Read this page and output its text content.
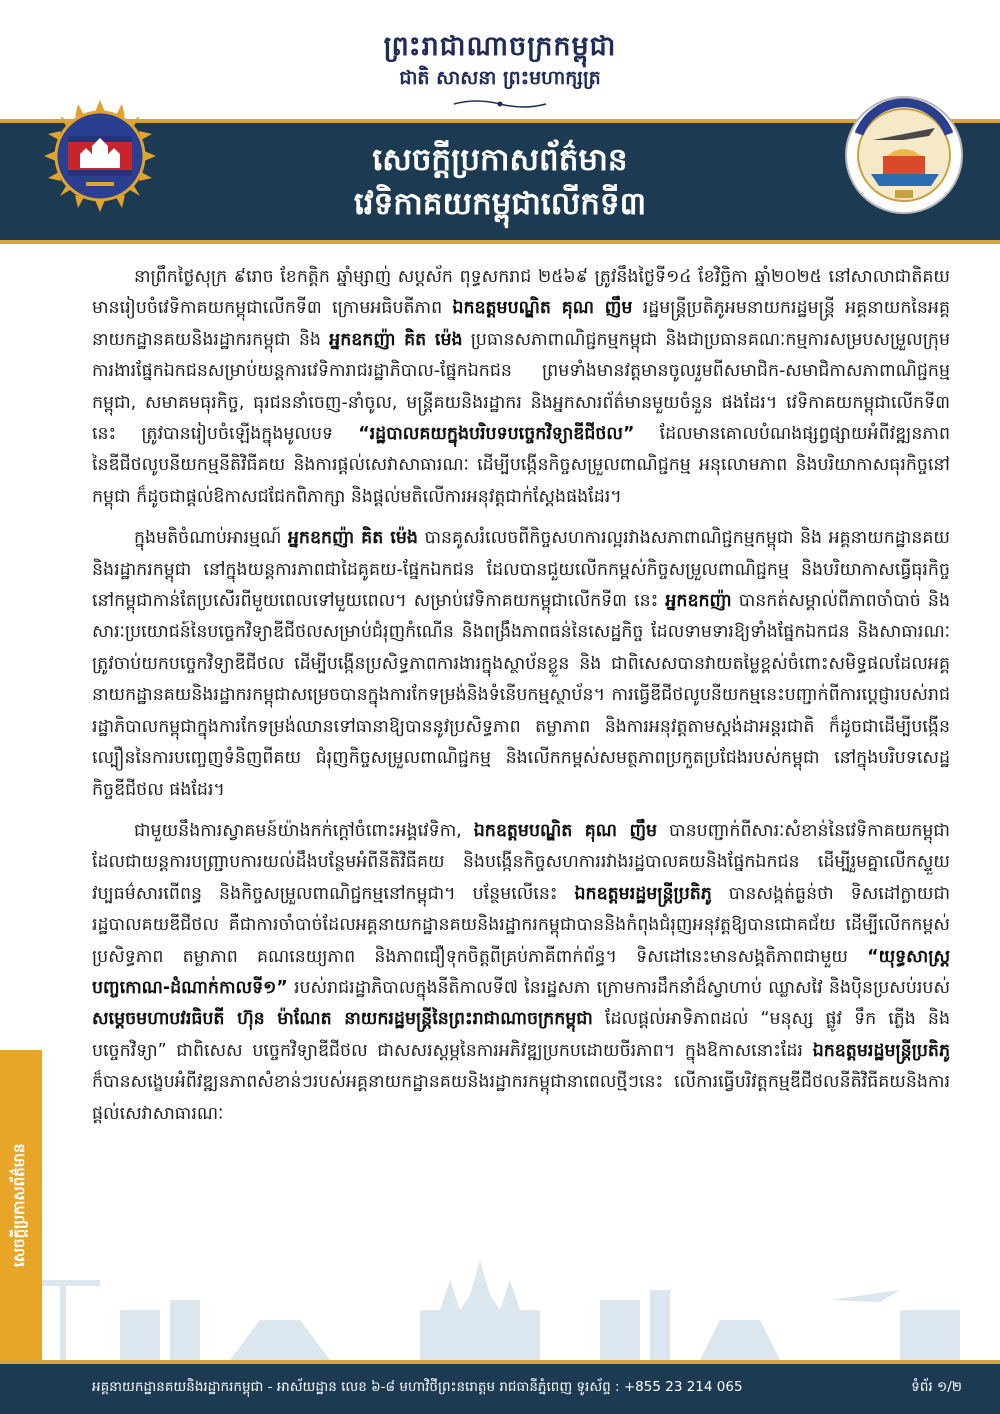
ព្រះរាជាណាចក្រកម្ពុជា
ជាតិ សាសនា ព្រះមហាក្សត្រ
សេចក្តីប្រកាសព័ត៌មាន
វេទិកាគយកម្ពុជាលើកទី៣

នាព្រឹកថ្ងៃសុក្រ ៩រោច ខែកត្តិក ឆ្នាំម្សាញ់ សប្តស័ក ពុទ្ធសករាជ ២៥៦៩ ត្រូវនឹងថ្ងៃទី១៤ ខែវិច្ឆិកា ឆ្នាំ២០២៥ នៅសាលាជាតិគយ មានរៀបចំវេទិកាគយកម្ពុជាលើកទី៣ ក្រោមអធិបតីភាព ឯកឧត្តមបណ្ឌិត គុណ ញឹម រដ្ឋមន្ត្រីប្រតិភូអមនាយករដ្ឋមន្ត្រី អគ្គនាយកនៃអគ្គនាយកដ្ឋានគយនិងរដ្ឋាករកម្ពុជា និង អ្នកឧកញ៉ា គិត ម៉េង ប្រធានសភាពាណិជ្ជកម្មកម្ពុជា និងជាប្រធានគណៈកម្មការសម្របសម្រួលក្រុមការងារផ្នែកឯកជនសម្រាប់យន្តការវេទិការាជរដ្ឋាភិបាល-ផ្នែកឯកជន ព្រមទាំងមានវត្តមានចូលរួមពីសមាជិក-សមាជិកាសភាពាណិជ្ជកម្មកម្ពុជា, សមាគមធុរកិច្ច, ធុរជននាំចេញ-នាំចូល, មន្ត្រីគយនិងរដ្ឋាករ និងអ្នកសារព័ត៌មានមួយចំនួន ផងដែរ។ វេទិកាគយកម្ពុជាលើកទី៣ នេះ ត្រូវបានរៀបចំឡើងក្នុងមូលបទ “រដ្ឋបាលគយក្នុងបរិបទបច្ចេកវិទ្យាឌីជីថល” ដែលមានគោលបំណងផ្សព្វផ្សាយអំពីវឌ្ឍនភាពនៃឌីជីថលូបនីយកម្មនីតិវិធីគយ និងការផ្តល់សេវាសាធារណៈ ដើម្បីបង្កើនកិច្ចសម្រួលពាណិជ្ជកម្ម អនុលោមភាព និងបរិយាកាសធុរកិច្ចនៅកម្ពុជា ក៏ដូចជាផ្តល់ឱកាសជជែកពិភាក្សា និងផ្តល់មតិលើការអនុវត្តជាក់ស្តែងផងដែរ។

ក្នុងមតិចំណាប់អារម្មណ៍ អ្នកឧកញ៉ា គិត ម៉េង បានគូសរំលេចពីកិច្ចសហការល្អរវាងសភាពាណិជ្ជកម្មកម្ពុជា និង អគ្គនាយកដ្ឋានគយនិងរដ្ឋាករកម្ពុជា នៅក្នុងយន្តការភាពជាដៃគូគយ-ផ្នែកឯកជន ដែលបានជួយលើកកម្ពស់កិច្ចសម្រួលពាណិជ្ជកម្ម និងបរិយាកាសធ្វើធុរកិច្ចនៅកម្ពុជាកាន់តែប្រសើរពីមួយពេលទៅមួយពេល។ សម្រាប់វេទិកាគយកម្ពុជាលើកទី៣ នេះ អ្នកឧកញ៉ា បានកត់សម្គាល់ពីភាពចាំបាច់ និងសារៈប្រយោជន៍នៃបច្ចេកវិទ្យាឌីជីថលសម្រាប់ជំរុញកំណើន និងពង្រឹងភាពធន់នៃសេដ្ឋកិច្ច ដែលទាមទារឱ្យទាំងផ្នែកឯកជន និងសាធារណៈត្រូវចាប់យកបច្ចេកវិទ្យាឌីជីថល ដើម្បីបង្កើនប្រសិទ្ធភាពការងារក្នុងស្ថាប័នខ្លួន និង ជាពិសេសបានវាយតម្លៃខ្ពស់ចំពោះសមិទ្ធផលដែលអគ្គនាយកដ្ឋានគយនិងរដ្ឋាករកម្ពុជាសម្រេចបានក្នុងការកែទម្រង់និងទំនើបកម្មស្ថាប័ន។ ការធ្វើឌីជីថលូបនីយកម្មនេះបញ្ជាក់ពីការប្តេជ្ញារបស់រាជរដ្ឋាភិបាលកម្ពុជាក្នុងការកែទម្រង់ឈានទៅធានាឱ្យបាននូវប្រសិទ្ធភាព តម្លាភាព និងការអនុវត្តតាមស្តង់ដាអន្តរជាតិ ក៏ដូចជាដើម្បីបង្កើនល្បឿននៃការបញ្ចេញទំនិញពីគយ ជំរុញកិច្ចសម្រួលពាណិជ្ជកម្ម និងលើកកម្ពស់សមត្ថភាពប្រកួតប្រជែងរបស់កម្ពុជា នៅក្នុងបរិបទសេដ្ឋកិច្ចឌីជីថល ផងដែរ។

ជាមួយនឹងការស្វាគមន៍យ៉ាងកក់ក្តៅចំពោះអង្គវេទិកា, ឯកឧត្តមបណ្ឌិត គុណ ញឹម បានបញ្ជាក់ពីសារៈសំខាន់នៃវេទិកាគយកម្ពុជា ដែលជាយន្តការបញ្ជ្រាបការយល់ដឹងបន្ថែមអំពីនីតិវិធីគយ និងបង្កើនកិច្ចសហការរវាងរដ្ឋបាលគយនិងផ្នែកឯកជន ដើម្បីរួមគ្នាលើកស្ទួយវប្បធម៌សារពើពន្ធ និងកិច្ចសម្រួលពាណិជ្ជកម្មនៅកម្ពុជា។ បន្ថែមលើនេះ ឯកឧត្តមរដ្ឋមន្ត្រីប្រតិភូ បានសង្កត់ធ្ងន់ថា ទិសដៅក្លាយជារដ្ឋបាលគយឌីជីថល គឺជាការចាំបាច់ដែលអគ្គនាយកដ្ឋានគយនិងរដ្ឋាករកម្ពុជាបាននិងកំពុងជំរុញអនុវត្តឱ្យបានជោគជ័យ ដើម្បីលើកកម្ពស់ប្រសិទ្ធភាព តម្លាភាព គណនេយ្យភាព និងភាពជឿទុកចិត្តពីគ្រប់ភាគីពាក់ព័ន្ធ។ ទិសដៅនេះមានសង្គតិភាពជាមួយ “យុទ្ធសាស្ត្របញ្ចកោណ-ដំណាក់កាលទី១” របស់រាជរដ្ឋាភិបាលក្នុងនីតិកាលទី៧ នៃរដ្ឋសភា ក្រោមការដឹកនាំដ៏ស្វាហាប់ ឈ្លាសវៃ និងប៉ិនប្រសប់របស់ សម្តេចមហាបវរធិបតី ហ៊ុន ម៉ាណែត នាយករដ្ឋមន្ត្រីនៃព្រះរាជាណាចក្រកម្ពុជា ដែលផ្តល់អាទិភាពដល់ “មនុស្ស ផ្លូវ ទឹក ភ្លើង និងបច្ចេកវិទ្យា” ជាពិសេស បច្ចេកវិទ្យាឌីជីថល ជាសសរស្តម្ភនៃការអភិវឌ្ឍប្រកបដោយចីរភាព។ ក្នុងឱកាសនោះដែរ ឯកឧត្តមរដ្ឋមន្ត្រីប្រតិភូ ក៏បានសង្ខេបអំពីវឌ្ឍនភាពសំខាន់ៗរបស់អគ្គនាយកដ្ឋានគយនិងរដ្ឋាករកម្ពុជានាពេលថ្មីៗនេះ លើការធ្វើបរិវត្តកម្មឌីជីថលនីតិវិធីគយនិងការផ្តល់សេវាសាធារណៈ

សេចក្តីប្រកាសព័ត៌មាន
អគ្គនាយកដ្ឋានគយនិងរដ្ឋាករកម្ពុជា - អាស័យដ្ឋាន លេខ ៦-៨ មហាវិថីព្រះនរោត្តម រាជធានីភ្នំពេញ ទូរស័ព្ទ : +855 23 214 065	ទំព័រ ១/២
